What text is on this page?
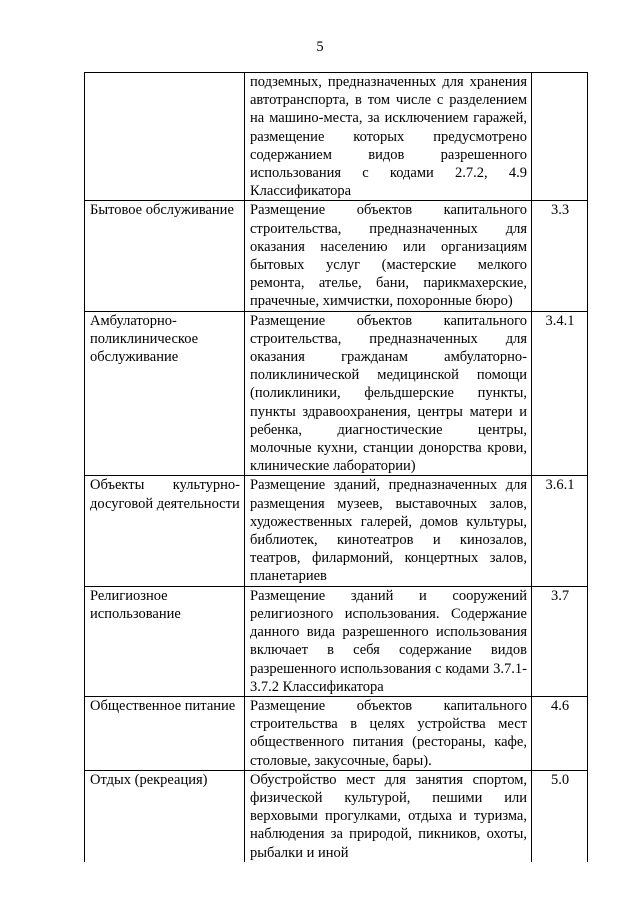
5
	подземных, предназначенных для хранения автотранспорта, в том числе с разделением на машино-места, за исключением гаражей, размещение которых предусмотрено содержанием видов разрешенного использования с кодами 2.7.2, 4.9 Классификатора	
Бытовое обслуживание	Размещение объектов капитального строительства, предназначенных для оказания населению или организациям бытовых услуг (мастерские мелкого ремонта, ателье, бани, парикмахерские, прачечные, химчистки, похоронные бюро)	3.3
Амбулаторно-поликлиническое обслуживание	Размещение объектов капитального строительства, предназначенных для оказания гражданам амбулаторно-поликлинической медицинской помощи (поликлиники, фельдшерские пункты, пункты здравоохранения, центры матери и ребенка, диагностические центры, молочные кухни, станции донорства крови, клинические лаборатории)	3.4.1
Объекты культурно-досуговой деятельности	Размещение зданий, предназначенных для размещения музеев, выставочных залов, художественных галерей, домов культуры, библиотек, кинотеатров и кинозалов, театров, филармоний, концертных залов, планетариев	3.6.1
Религиозное использование	Размещение зданий и сооружений религиозного использования. Содержание данного вида разрешенного использования включает в себя содержание видов разрешенного использования с кодами 3.7.1-3.7.2 Классификатора	3.7
Общественное питание	Размещение объектов капитального строительства в целях устройства мест общественного питания (рестораны, кафе, столовые, закусочные, бары).	4.6
Отдых (рекреация)	Обустройство мест для занятия спортом, физической культурой, пешими или верховыми прогулками, отдыха и туризма, наблюдения за природой, пикников, охоты, рыбалки и иной	5.0
